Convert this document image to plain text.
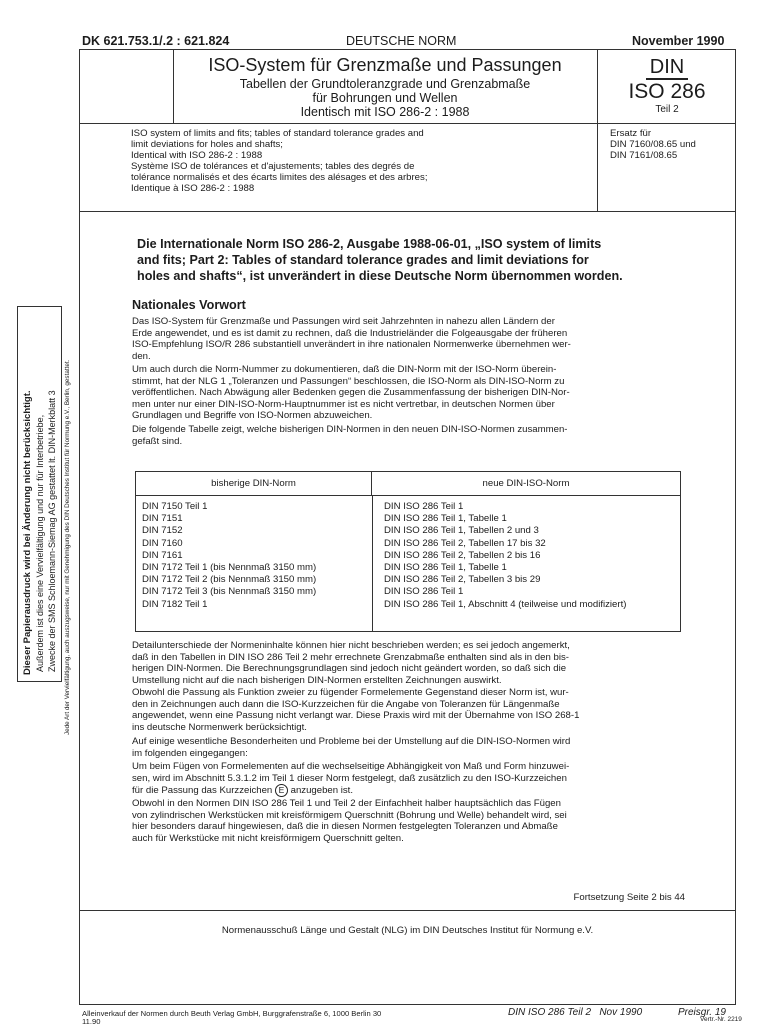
DK 621.753.1/.2 : 621.824	DEUTSCHE NORM	November 1990
ISO-System für Grenzmaße und Passungen
Tabellen der Grundtoleranzgrade und Grenzabmaße
für Bohrungen und Wellen
Identisch mit ISO 286-2 : 1988
DIN
ISO 286
Teil 2
ISO system of limits and fits; tables of standard tolerance grades and
limit deviations for holes and shafts;
Identical with ISO 286-2 : 1988
Système ISO de tolérances et d'ajustements; tables des degrés de
tolérance normalisés et des écarts limites des alésages et des arbres;
Identique à ISO 286-2 : 1988
Ersatz für
DIN 7160/08.65 und
DIN 7161/08.65
Die Internationale Norm ISO 286-2, Ausgabe 1988-06-01, „ISO system of limits
and fits; Part 2: Tables of standard tolerance grades and limit deviations for
holes and shafts“, ist unverändert in diese Deutsche Norm übernommen worden.
Nationales Vorwort
Das ISO-System für Grenzmaße und Passungen wird seit Jahrzehnten in nahezu allen Ländern der
Erde angewendet, und es ist damit zu rechnen, daß die Industrieländer die Folgeausgabe der früheren
ISO-Empfehlung ISO/R 286 substantiell unverändert in ihre nationalen Normenwerke übernehmen wer-
den.
Um auch durch die Norm-Nummer zu dokumentieren, daß die DIN-Norm mit der ISO-Norm überein-
stimmt, hat der NLG 1 „Toleranzen und Passungen“ beschlossen, die ISO-Norm als DIN-ISO-Norm zu
veröffentlichen. Nach Abwägung aller Bedenken gegen die Zusammenfassung der bisherigen DIN-Nor-
men unter nur einer DIN-ISO-Norm-Hauptnummer ist es nicht vertretbar, in deutschen Normen über
Grundlagen und Begriffe von ISO-Normen abzuweichen.
Die folgende Tabelle zeigt, welche bisherigen DIN-Normen in den neuen DIN-ISO-Normen zusammen-
gefaßt sind.
bisherige DIN-Norm	neue DIN-ISO-Norm
DIN 7150 Teil 1	DIN ISO 286 Teil 1
DIN 7151	DIN ISO 286 Teil 1, Tabelle 1
DIN 7152	DIN ISO 286 Teil 1, Tabellen 2 und 3
DIN 7160	DIN ISO 286 Teil 2, Tabellen 17 bis 32
DIN 7161	DIN ISO 286 Teil 2, Tabellen 2 bis 16
DIN 7172 Teil 1 (bis Nennmaß 3150 mm)	DIN ISO 286 Teil 1, Tabelle 1
DIN 7172 Teil 2 (bis Nennmaß 3150 mm)	DIN ISO 286 Teil 2, Tabellen 3 bis 29
DIN 7172 Teil 3 (bis Nennmaß 3150 mm)	DIN ISO 286 Teil 1
DIN 7182 Teil 1	DIN ISO 286 Teil 1, Abschnitt 4 (teilweise und modifiziert)
Detailunterschiede der Normeninhalte können hier nicht beschrieben werden; es sei jedoch angemerkt,
daß in den Tabellen in DIN ISO 286 Teil 2 mehr errechnete Grenzabmaße enthalten sind als in den bis-
herigen DIN-Normen. Die Berechnungsgrundlagen sind jedoch nicht geändert worden, so daß sich die
Umstellung nicht auf die nach bisherigen DIN-Normen erstellten Zeichnungen auswirkt.
Obwohl die Passung als Funktion zweier zu fügender Formelemente Gegenstand dieser Norm ist, wur-
den in Zeichnungen auch dann die ISO-Kurzzeichen für die Angabe von Toleranzen für Längenmaße
angewendet, wenn eine Passung nicht verlangt war. Diese Praxis wird mit der Übernahme von ISO 268-1
ins deutsche Normenwerk berücksichtigt.
Auf einige wesentliche Besonderheiten und Probleme bei der Umstellung auf die DIN-ISO-Normen wird
im folgenden eingegangen:
Um beim Fügen von Formelementen auf die wechselseitige Abhängigkeit von Maß und Form hinzuwei-
sen, wird im Abschnitt 5.3.1.2 im Teil 1 dieser Norm festgelegt, daß zusätzlich zu den ISO-Kurzzeichen
für die Passung das Kurzzeichen E anzugeben ist.
Obwohl in den Normen DIN ISO 286 Teil 1 und Teil 2 der Einfachheit halber hauptsächlich das Fügen
von zylindrischen Werkstücken mit kreisförmigem Querschnitt (Bohrung und Welle) behandelt wird, sei
hier besonders darauf hingewiesen, daß die in diesen Normen festgelegten Toleranzen und Abmaße
auch für Werkstücke mit nicht kreisförmigem Querschnitt gelten.
Fortsetzung Seite 2 bis 44
Normenausschuß Länge und Gestalt (NLG) im DIN Deutsches Institut für Normung e.V.
Alleinverkauf der Normen durch Beuth Verlag GmbH, Burggrafenstraße 6, 1000 Berlin 30
11.90
DIN ISO 286 Teil 2   Nov 1990	Preisgr. 19
Vertr.-Nr. 2219
Dieser Papierausdruck wird bei Änderung nicht berücksichtigt. Außerdem ist dies eine Vervielfältigung und nur für Interbetriebe, Zwecke der SMS Schloemann-Siemag AG gestattet lt. DIN-Merkblatt 3 Jede Art der Vervielfältigung, auch auszugsweise, nur mit Genehmigung des DIN Deutsches Institut für Normung e.V., Berlin, gestattet.
